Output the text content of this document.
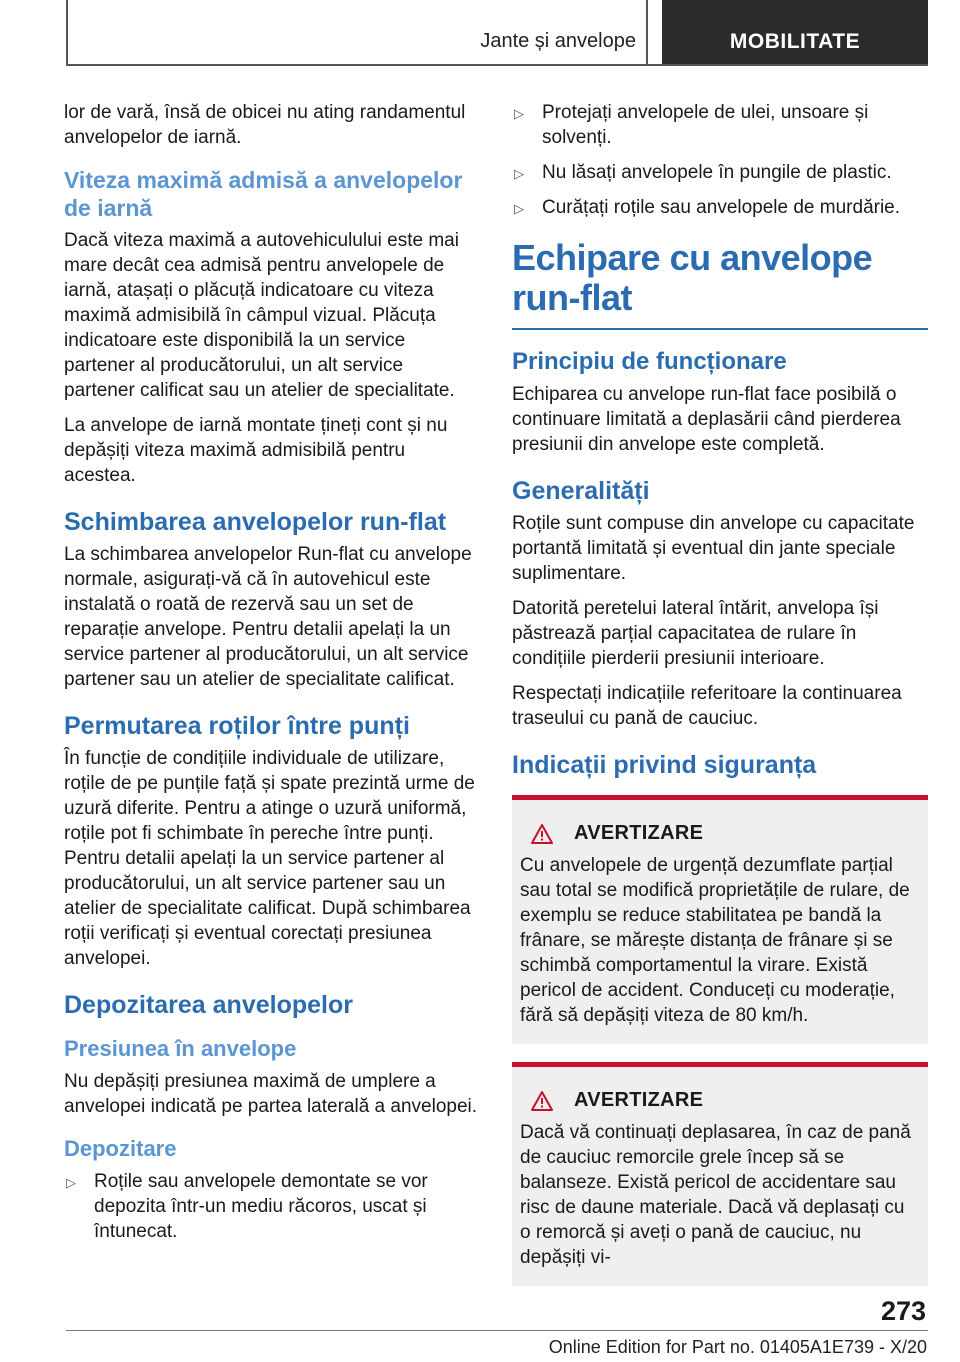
Jante și anvelope	MOBILITATE

lor de vară, însă de obicei nu ating randamentul anvelopelor de iarnă.

Viteza maximă admisă a anvelopelor de iarnă

Dacă viteza maximă a autovehiculului este mai mare decât cea admisă pentru anvelopele de iarnă, atașați o plăcuță indicatoare cu viteza maximă admisibilă în câmpul vizual. Plăcuța indicatoare este disponibilă la un service partener al producătorului, un alt service partener calificat sau un atelier de specialitate.

La anvelope de iarnă montate țineți cont și nu depășiți viteza maximă admisibilă pentru acestea.

Schimbarea anvelopelor run-flat

La schimbarea anvelopelor Run-flat cu anvelope normale, asigurați-vă că în autovehicul este instalată o roată de rezervă sau un set de reparație anvelope. Pentru detalii apelați la un service partener al producătorului, un alt service partener sau un atelier de specialitate calificat.

Permutarea roților între punți

În funcție de condițiile individuale de utilizare, roțile de pe punțile față și spate prezintă urme de uzură diferite. Pentru a atinge o uzură uniformă, roțile pot fi schimbate în pereche între punți. Pentru detalii apelați la un service partener al producătorului, un alt service partener sau un atelier de specialitate calificat. După schimbarea roții verificați și eventual corectați presiunea anvelopei.

Depozitarea anvelopelor
Presiunea în anvelope

Nu depășiți presiunea maximă de umplere a anvelopei indicată pe partea laterală a anvelopei.

Depozitare
▷ Roțile sau anvelopele demontate se vor depozita într-un mediu răcoros, uscat și întunecat.
▷ Protejați anvelopele de ulei, unsoare și solvenți.
▷ Nu lăsați anvelopele în pungile de plastic.
▷ Curățați roțile sau anvelopele de murdărie.
Echipare cu anvelope run-flat
Principiu de funcționare

Echiparea cu anvelope run-flat face posibilă o continuare limitată a deplasării când pierderea presiunii din anvelope este completă.

Generalități

Roțile sunt compuse din anvelope cu capacitate portantă limitată și eventual din jante speciale suplimentare.

Datorită peretelui lateral întărit, anvelopa își păstrează parțial capacitatea de rulare în condițiile pierderii presiunii interioare.

Respectați indicațiile referitoare la continuarea traseului cu pană de cauciuc.

Indicații privind siguranța
AVERTIZARE

Cu anvelopele de urgență dezumflate parțial sau total se modifică proprietățile de rulare, de exemplu se reduce stabilitatea pe bandă la frânare, se mărește distanța de frânare și se schimbă comportamentul la virare. Există pericol de accident. Conduceți cu moderație, fără să depășiți viteza de 80 km/h.

AVERTIZARE

Dacă vă continuați deplasarea, în caz de pană de cauciuc remorcile grele încep să se balanseze. Există pericol de accidentare sau risc de daune materiale. Dacă vă deplasați cu o remorcă și aveți o pană de cauciuc, nu depășiți vi-

273
Online Edition for Part no. 01405A1E739 - X/20
